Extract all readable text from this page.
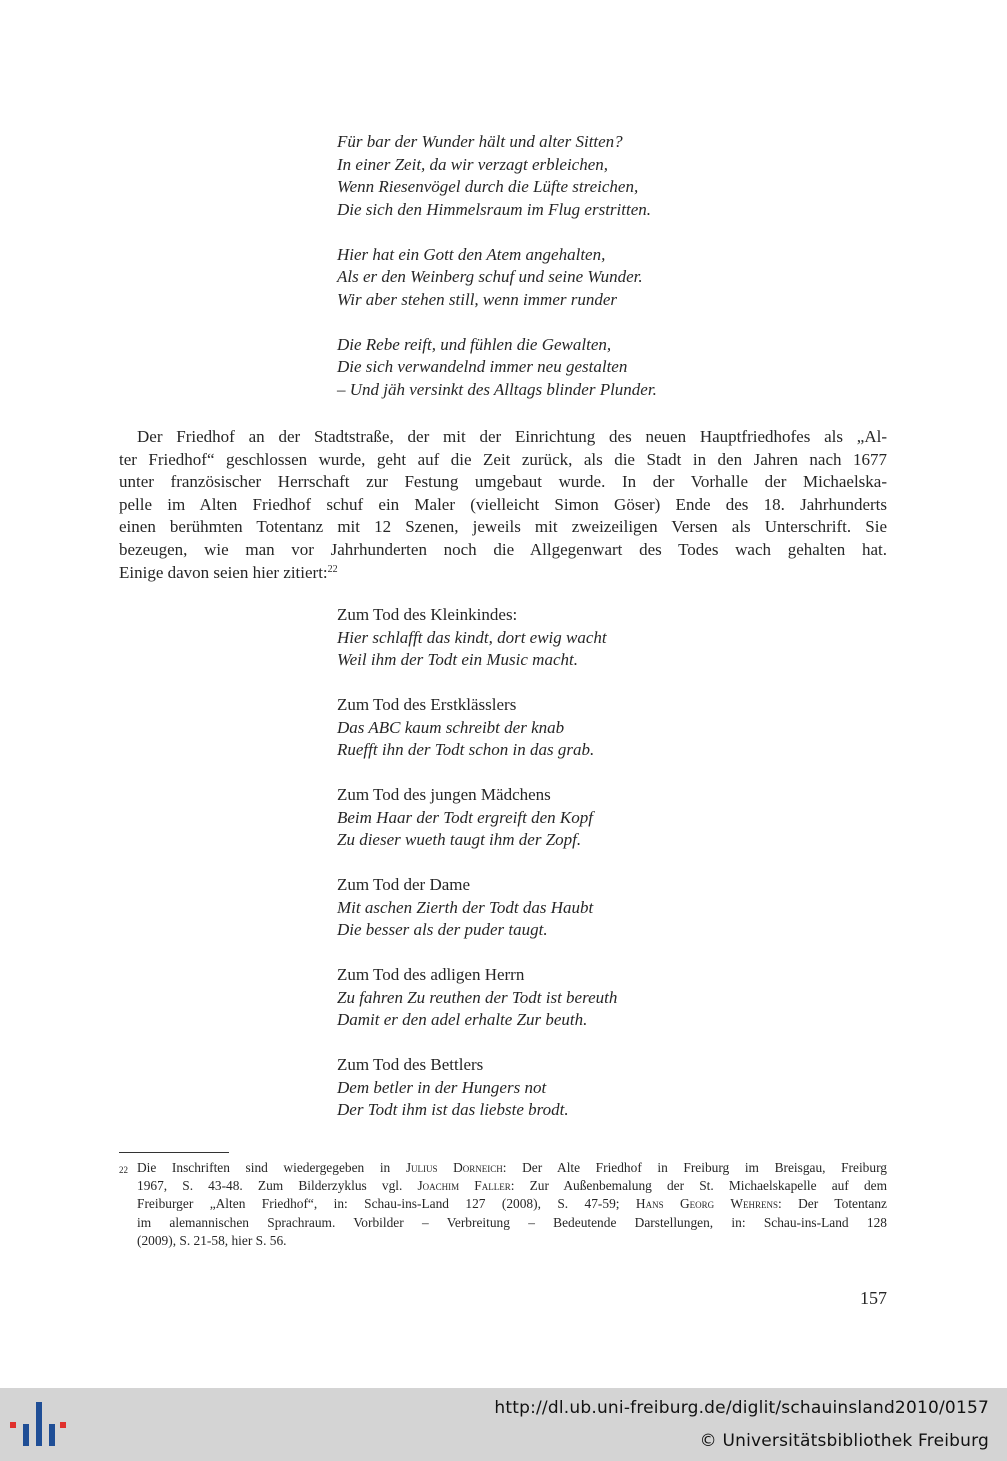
Für bar der Wunder hält und alter Sitten?
In einer Zeit, da wir verzagt erbleichen,
Wenn Riesenvögel durch die Lüfte streichen,
Die sich den Himmelsraum im Flug erstritten.
Hier hat ein Gott den Atem angehalten,
Als er den Weinberg schuf und seine Wunder.
Wir aber stehen still, wenn immer runder
Die Rebe reift, und fühlen die Gewalten,
Die sich verwandelnd immer neu gestalten
– Und jäh versinkt des Alltags blinder Plunder.
Der Friedhof an der Stadtstraße, der mit der Einrichtung des neuen Hauptfriedhofes als „Al-
ter Friedhof“ geschlossen wurde, geht auf die Zeit zurück, als die Stadt in den Jahren nach 1677
unter französischer Herrschaft zur Festung umgebaut wurde. In der Vorhalle der Michaelska-
pelle im Alten Friedhof schuf ein Maler (vielleicht Simon Göser) Ende des 18. Jahrhunderts
einen berühmten Totentanz mit 12 Szenen, jeweils mit zweizeiligen Versen als Unterschrift. Sie
bezeugen, wie man vor Jahrhunderten noch die Allgegenwart des Todes wach gehalten hat.
Einige davon seien hier zitiert:$^{22}$
Zum Tod des Kleinkindes:
Hier schlafft das kindt, dort ewig wacht
Weil ihm der Todt ein Music macht.
Zum Tod des Erstklässlers
Das ABC kaum schreibt der knab
Ruefft ihn der Todt schon in das grab.
Zum Tod des jungen Mädchens
Beim Haar der Todt ergreift den Kopf
Zu dieser wueth taugt ihm der Zopf.
Zum Tod der Dame
Mit aschen Zierth der Todt das Haubt
Die besser als der puder taugt.
Zum Tod des adligen Herrn
Zu fahren Zu reuthen der Todt ist bereuth
Damit er den adel erhalte Zur beuth.
Zum Tod des Bettlers
Dem betler in der Hungers not
Der Todt ihm ist das liebste brodt.
22 Die Inschriften sind wiedergegeben in Julius Dorneich: Der Alte Friedhof in Freiburg im Breisgau, Freiburg
1967, S. 43-48. Zum Bilderzyklus vgl. Joachim Faller: Zur Außenbemalung der St. Michaelskapelle auf dem
Freiburger „Alten Friedhof“, in: Schau-ins-Land 127 (2008), S. 47-59; Hans Georg Wehrens: Der Totentanz
im alemannischen Sprachraum. Vorbilder – Verbreitung – Bedeutende Darstellungen, in: Schau-ins-Land 128
(2009), S. 21-58, hier S. 56.
157
http://dl.ub.uni-freiburg.de/diglit/schauinsland2010/0157
© Universitätsbibliothek Freiburg
